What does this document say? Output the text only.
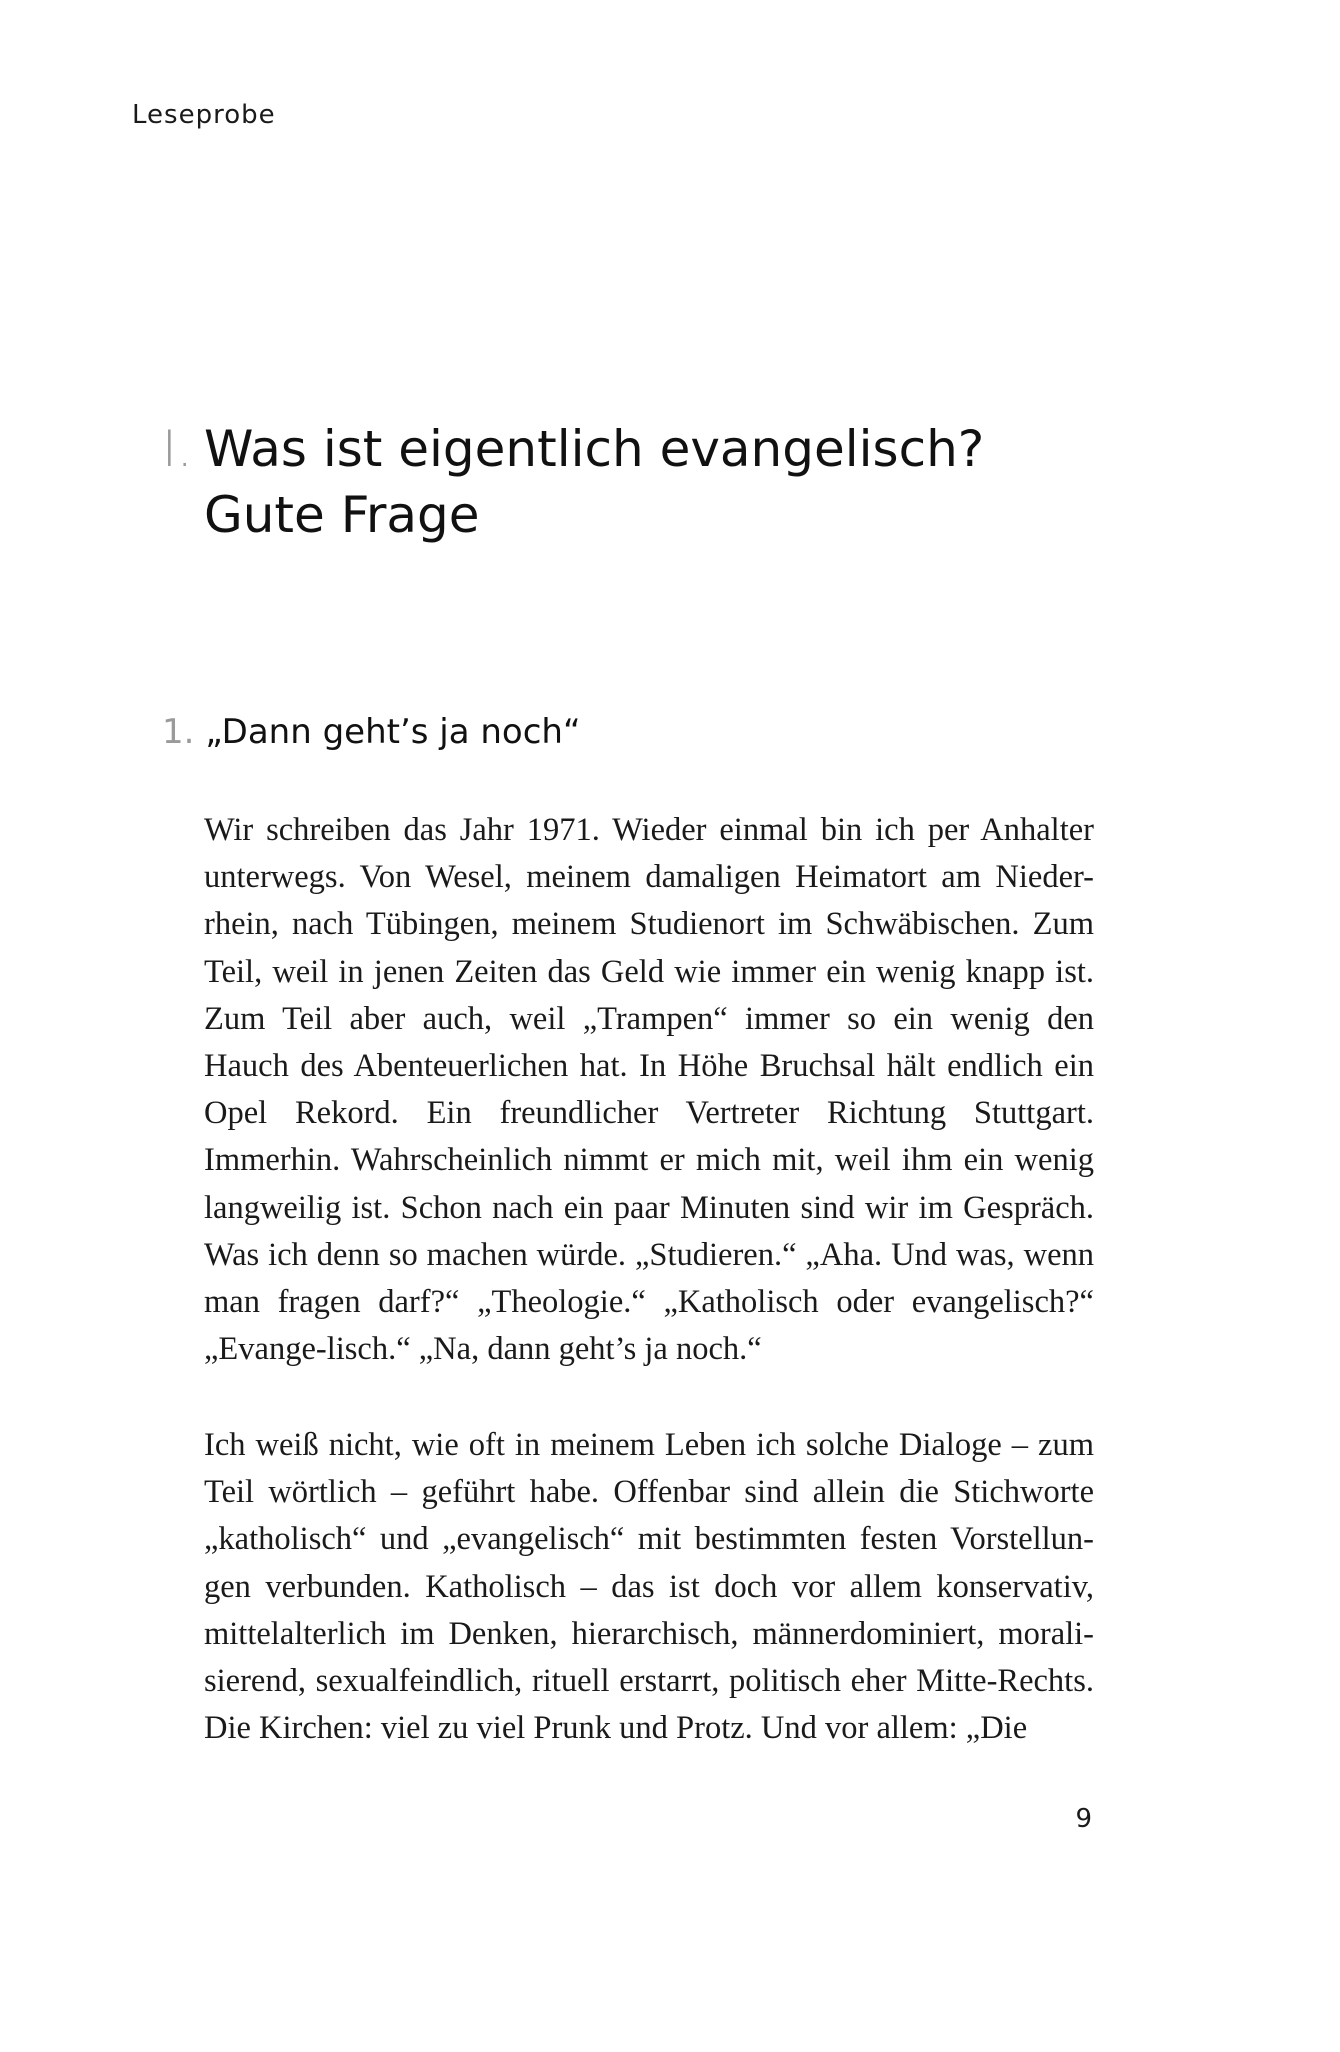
Leseprobe
I. Was ist eigentlich evangelisch?
Gute Frage
1. „Dann geht’s ja noch“

Wir schreiben das Jahr 1971. Wieder einmal bin ich per Anhalter unterwegs. Von Wesel, meinem damaligen Heimatort am Nieder-rhein, nach Tübingen, meinem Studienort im Schwäbischen. Zum Teil, weil in jenen Zeiten das Geld wie immer ein wenig knapp ist. Zum Teil aber auch, weil „Trampen“ immer so ein wenig den Hauch des Abenteuerlichen hat. In Höhe Bruchsal hält endlich ein Opel Rekord. Ein freundlicher Vertreter Richtung Stuttgart. Immerhin. Wahrscheinlich nimmt er mich mit, weil ihm ein wenig langweilig ist. Schon nach ein paar Minuten sind wir im Gespräch. Was ich denn so machen würde. „Studieren.“ „Aha. Und was, wenn man fragen darf?“ „Theologie.“ „Katholisch oder evangelisch?“ „Evange-lisch.“ „Na, dann geht’s ja noch.“

Ich weiß nicht, wie oft in meinem Leben ich solche Dialoge – zum Teil wörtlich – geführt habe. Offenbar sind allein die Stichworte „katholisch“ und „evangelisch“ mit bestimmten festen Vorstellun-gen verbunden. Katholisch – das ist doch vor allem konservativ, mittelalterlich im Denken, hierarchisch, männerdominiert, morali-sierend, sexualfeindlich, rituell erstarrt, politisch eher Mitte-Rechts. Die Kirchen: viel zu viel Prunk und Protz. Und vor allem: „Die

9
